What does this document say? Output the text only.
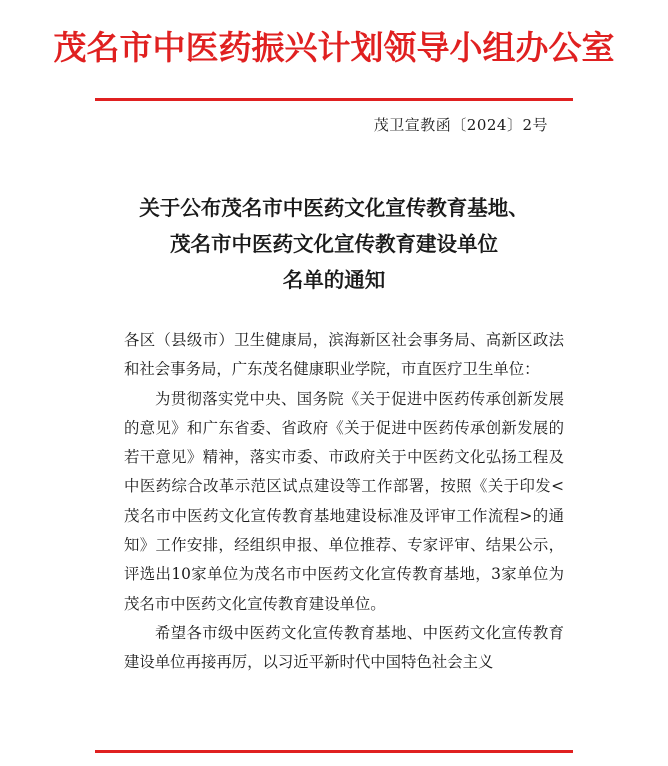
茂名市中医药振兴计划领导小组办公室
茂卫宣教函〔2024〕2号
关于公布茂名市中医药文化宣传教育基地、
茂名市中医药文化宣传教育建设单位
名单的通知

各区（县级市）卫生健康局，滨海新区社会事务局、高新区政法和社会事务局，广东茂名健康职业学院，市直医疗卫生单位：

为贯彻落实党中央、国务院《关于促进中医药传承创新发展的意见》和广东省委、省政府《关于促进中医药传承创新发展的若干意见》精神，落实市委、市政府关于中医药文化弘扬工程及中医药综合改革示范区试点建设等工作部署，按照《关于印发<茂名市中医药文化宣传教育基地建设标准及评审工作流程>的通知》工作安排，经组织申报、单位推荐、专家评审、结果公示，评选出10家单位为茂名市中医药文化宣传教育基地，3家单位为茂名市中医药文化宣传教育建设单位。

希望各市级中医药文化宣传教育基地、中医药文化宣传教育建设单位再接再厉，以习近平新时代中国特色社会主义
